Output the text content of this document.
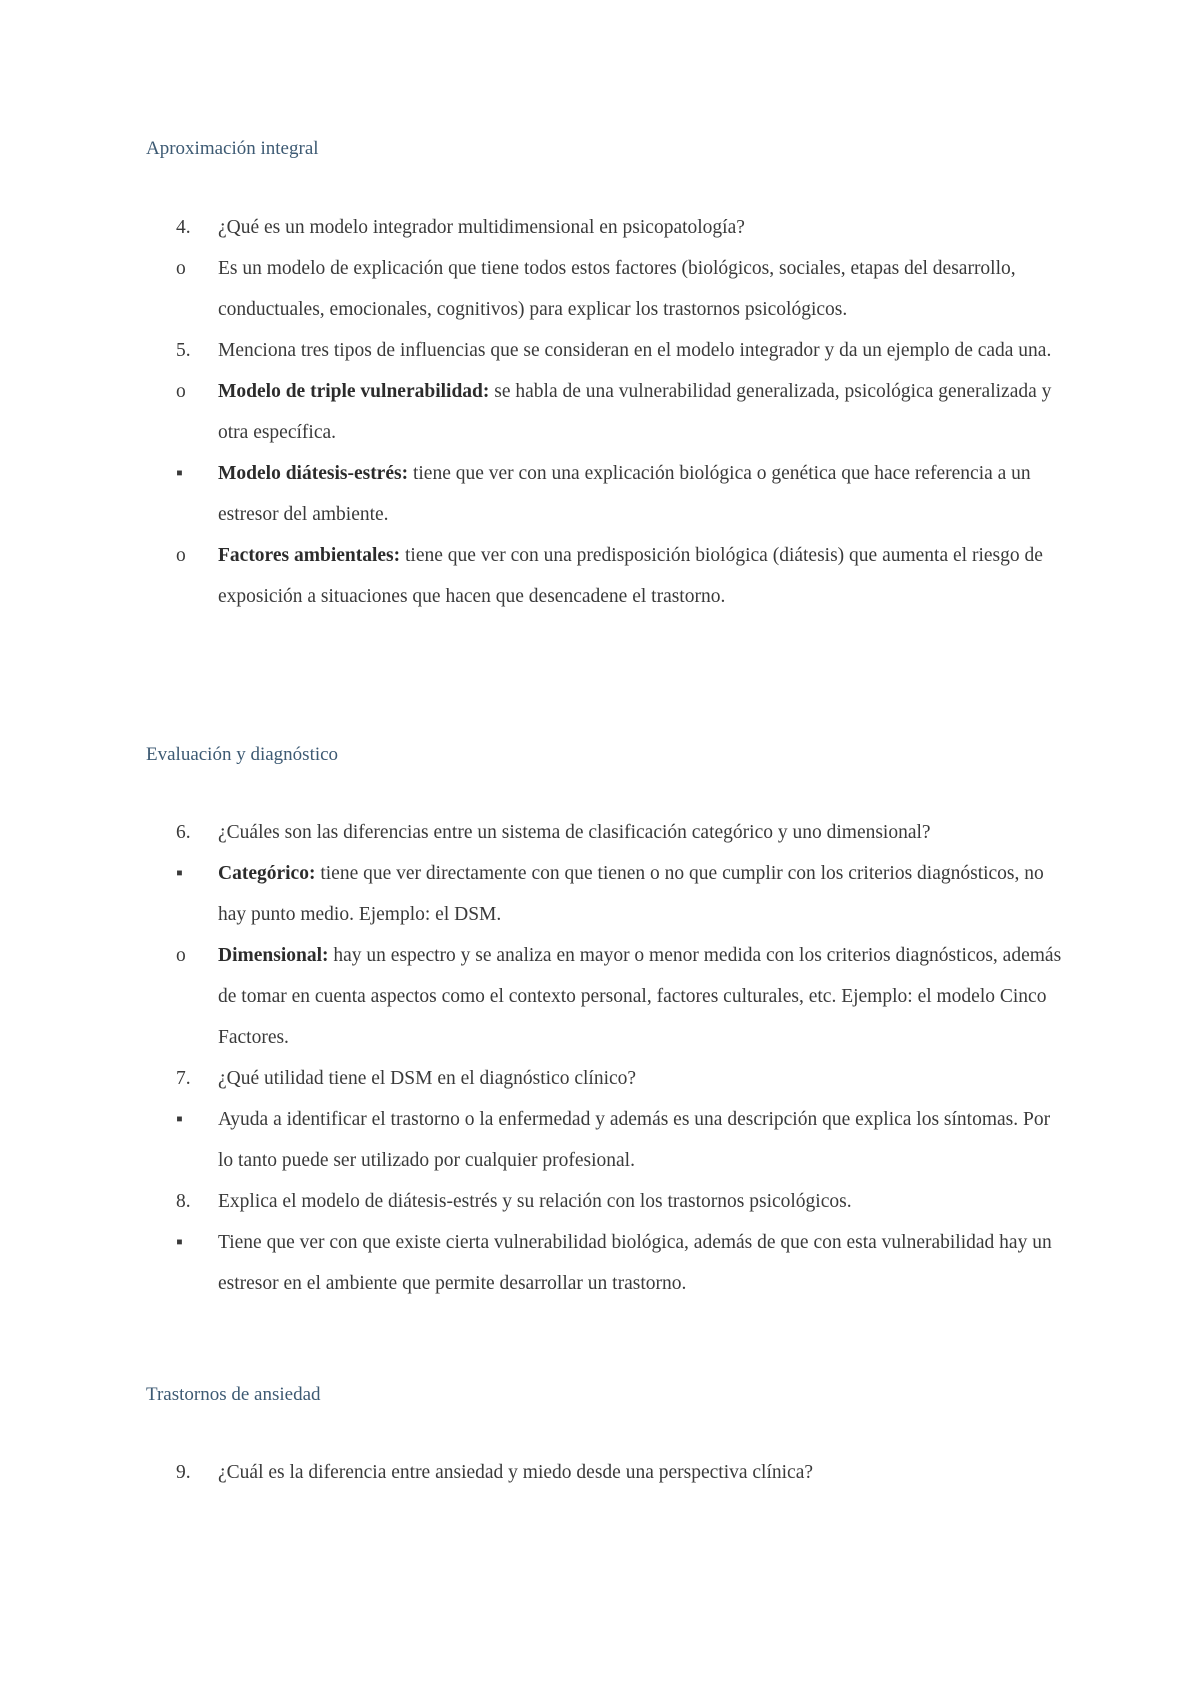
Aproximación integral
4.	¿Qué es un modelo integrador multidimensional en psicopatología?
o	Es un modelo de explicación que tiene todos estos factores (biológicos, sociales, etapas del desarrollo, conductuales, emocionales, cognitivos) para explicar los trastornos psicológicos.
5.	Menciona tres tipos de influencias que se consideran en el modelo integrador y da un ejemplo de cada una.
o	Modelo de triple vulnerabilidad: se habla de una vulnerabilidad generalizada, psicológica generalizada y otra específica.
▪	Modelo diátesis-estrés: tiene que ver con una explicación biológica o genética que hace referencia a un estresor del ambiente.
o	Factores ambientales: tiene que ver con una predisposición biológica (diátesis) que aumenta el riesgo de exposición a situaciones que hacen que desencadene el trastorno.
Evaluación y diagnóstico
6.	¿Cuáles son las diferencias entre un sistema de clasificación categórico y uno dimensional?
▪	Categórico: tiene que ver directamente con que tienen o no que cumplir con los criterios diagnósticos, no hay punto medio. Ejemplo: el DSM.
o	Dimensional: hay un espectro y se analiza en mayor o menor medida con los criterios diagnósticos, además de tomar en cuenta aspectos como el contexto personal, factores culturales, etc. Ejemplo: el modelo Cinco Factores.
7.	¿Qué utilidad tiene el DSM en el diagnóstico clínico?
▪	Ayuda a identificar el trastorno o la enfermedad y además es una descripción que explica los síntomas. Por lo tanto puede ser utilizado por cualquier profesional.
8.	Explica el modelo de diátesis-estrés y su relación con los trastornos psicológicos.
▪	Tiene que ver con que existe cierta vulnerabilidad biológica, además de que con esta vulnerabilidad hay un estresor en el ambiente que permite desarrollar un trastorno.
Trastornos de ansiedad
9.	¿Cuál es la diferencia entre ansiedad y miedo desde una perspectiva clínica?
